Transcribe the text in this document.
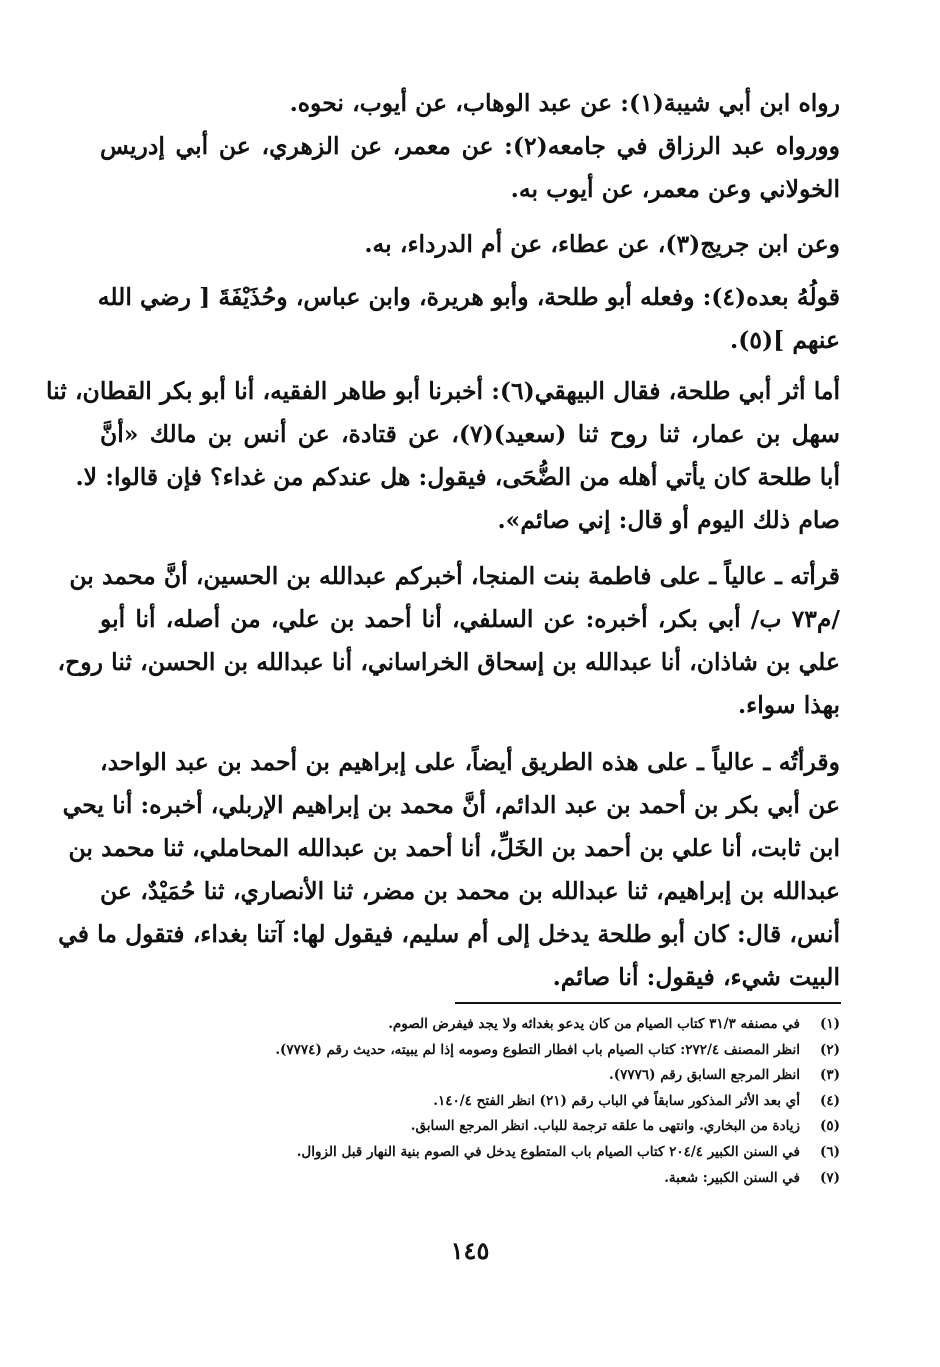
رواه ابن أبي شيبة(١): عن عبد الوهاب، عن أيوب، نحوه.
وورواه عبد الرزاق في جامعه(٢): عن معمر، عن الزهري، عن أبي إدريس
الخولاني وعن معمر، عن أيوب به.
وعن ابن جريج(٣)، عن عطاء، عن أم الدرداء، به.
قولُهُ بعده(٤): وفعله أبو طلحة، وأبو هريرة، وابن عباس، وحُذَيْفَةَ [ رضي الله
عنهم ](٥).
أما أثر أبي طلحة، فقال البيهقي(٦): أخبرنا أبو طاهر الفقيه، أنا أبو بكر القطان، ثنا
سهل بن عمار، ثنا روح ثنا (سعيد)(٧)، عن قتادة، عن أنس بن مالك «أنَّ
أبا طلحة كان يأتي أهله من الضُّحَى، فيقول: هل عندكم من غداء؟ فإن قالوا: لا.
صام ذلك اليوم أو قال: إني صائم».
قرأته ـ عالياً ـ على فاطمة بنت المنجا، أخبركم عبدالله بن الحسين، أنَّ محمد بن
/م٧٣ ب/ أبي بكر، أخبره: عن السلفي، أنا أحمد بن علي، من أصله، أنا أبو
علي بن شاذان، أنا عبدالله بن إسحاق الخراساني، أنا عبدالله بن الحسن، ثنا روح،
بهذا سواء.
وقرأتُه ـ عالياً ـ على هذه الطريق أيضاً، على إبراهيم بن أحمد بن عبد الواحد،
عن أبي بكر بن أحمد بن عبد الدائم، أنَّ محمد بن إبراهيم الإربلي، أخبره: أنا يحي
ابن ثابت، أنا علي بن أحمد بن الخَلِّ، أنا أحمد بن عبدالله المحاملي، ثنا محمد بن
عبدالله بن إبراهيم، ثنا عبدالله بن محمد بن مضر، ثنا الأنصاري، ثنا حُمَيْدٌ، عن
أنس، قال: كان أبو طلحة يدخل إلى أم سليم، فيقول لها: آتنا بغداء، فتقول ما في
البيت شيء، فيقول: أنا صائم.
(١)في مصنفه ٣١/٣ كتاب الصيام من كان يدعو بغدائه ولا يجد فيفرض الصوم.
(٢)انظر المصنف ٢٧٢/٤: كتاب الصيام باب افطار التطوع وصومه إذا لم يبيته، حديث رقم (٧٧٧٤).
(٣)انظر المرجع السابق رقم (٧٧٧٦).
(٤)أي بعد الأثر المذكور سابقاً في الباب رقم (٢١) انظر الفتح ١٤٠/٤.
(٥)زيادة من البخاري. وانتهى ما علقه ترجمة للباب. انظر المرجع السابق.
(٦)في السنن الكبير ٢٠٤/٤ كتاب الصيام باب المتطوع يدخل في الصوم بنية النهار قبل الزوال.
(٧)في السنن الكبير: شعبة.
١٤٥
